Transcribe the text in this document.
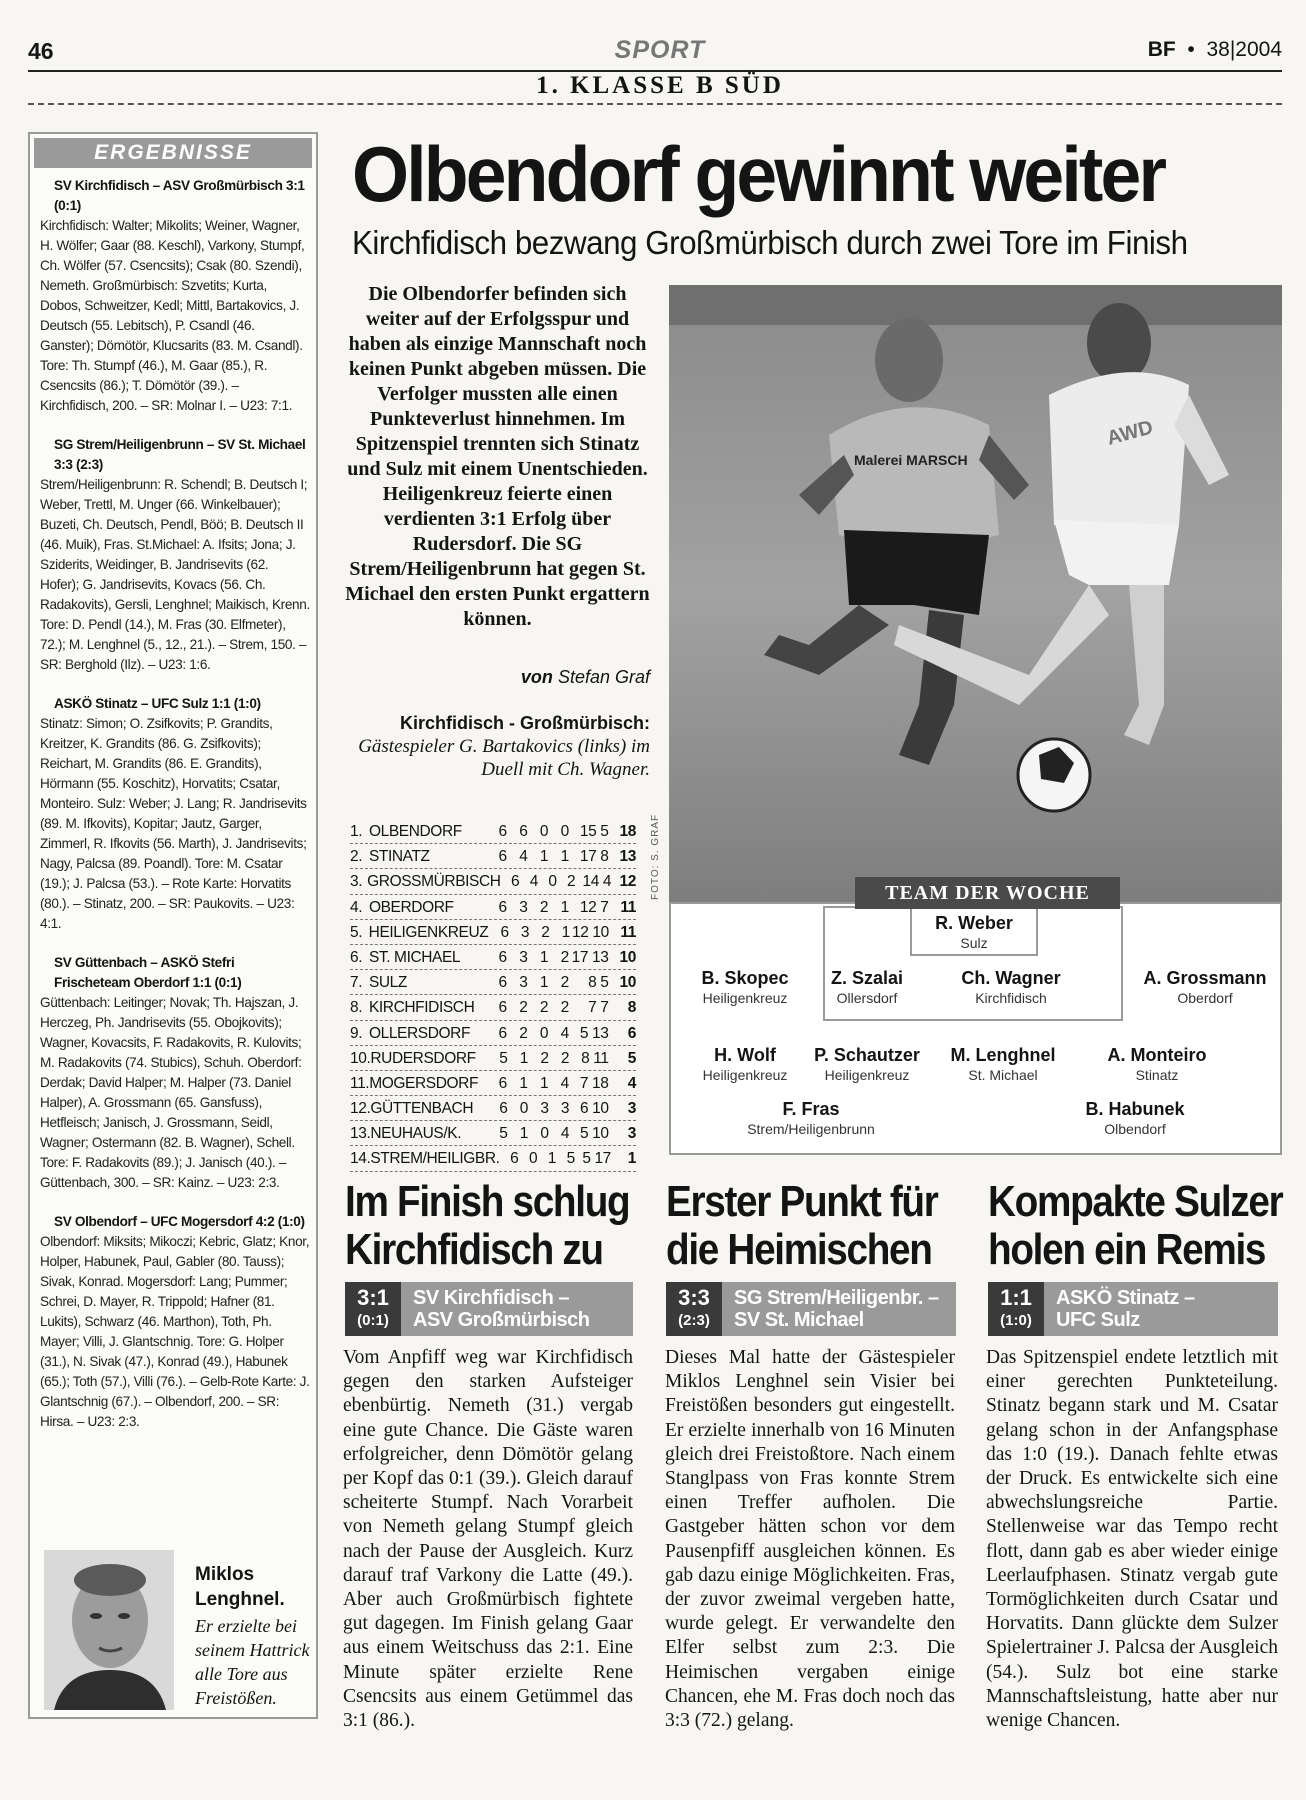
46	SPORT	BF  •  38|2004
1. KLASSE B SÜD
ERGEBNISSE
SV Kirchfidisch – ASV Großmürbisch 3:1 (0:1)
Kirchfidisch: Walter; Mikolits; Weiner, Wagner, H. Wölfer; Gaar (88. Keschl), Varkony, Stumpf, Ch. Wölfer (57. Csencsits); Csak (80. Szendi), Nemeth. Großmürbisch: Szvetits; Kurta, Dobos, Schweitzer, Kedl; Mittl, Bartakovics, J. Deutsch (55. Lebitsch), P. Csandl (46. Ganster); Dömötör, Klucsarits (83. M. Csandl). Tore: Th. Stumpf (46.), M. Gaar (85.), R. Csencsits (86.); T. Dömötör (39.). – Kirchfidisch, 200. – SR: Molnar I. – U23: 7:1.
SG Strem/Heiligenbrunn – SV St. Michael 3:3 (2:3)
Strem/Heiligenbrunn: R. Schendl; B. Deutsch I; Weber, Trettl, M. Unger (66. Winkelbauer); Buzeti, Ch. Deutsch, Pendl, Böö; B. Deutsch II (46. Muik), Fras. St.Michael: A. Ifsits; Jona; J. Sziderits, Weidinger, B. Jandrisevits (62. Hofer); G. Jandrisevits, Kovacs (56. Ch. Radakovits), Gersli, Lenghnel; Maikisch, Krenn. Tore: D. Pendl (14.), M. Fras (30. Elfmeter), 72.); M. Lenghnel (5., 12., 21.). – Strem, 150. –SR: Berghold (Ilz). – U23: 1:6.
ASKÖ Stinatz – UFC Sulz 1:1 (1:0)
Stinatz: Simon; O. Zsifkovits; P. Grandits, Kreitzer, K. Grandits (86. G. Zsifkovits); Reichart, M. Grandits (86. E. Grandits), Hörmann (55. Koschitz), Horvatits; Csatar, Monteiro. Sulz: Weber; J. Lang; R. Jandrisevits (89. M. Ifkovits), Kopitar; Jautz, Garger, Zimmerl, R. Ifkovits (56. Marth), J. Jandrisevits; Nagy, Palcsa (89. Poandl). Tore: M. Csatar (19.); J. Palcsa (53.). – Rote Karte: Horvatits (80.). – Stinatz, 200. – SR: Paukovits. – U23: 4:1.
SV Güttenbach – ASKÖ Stefri Frischeteam Oberdorf 1:1 (0:1)
Güttenbach: Leitinger; Novak; Th. Hajszan, J. Herczeg, Ph. Jandrisevits (55. Obojkovits); Wagner, Kovacsits, F. Radakovits, R. Kulovits; M. Radakovits (74. Stubics), Schuh. Oberdorf: Derdak; David Halper; M. Halper (73. Daniel Halper), A. Grossmann (65. Gansfuss), Hetfleisch; Janisch, J. Grossmann, Seidl, Wagner; Ostermann (82. B. Wagner), Schell. Tore: F. Radakovits (89.); J. Janisch (40.). – Güttenbach, 300. – SR: Kainz. – U23: 2:3.
SV Olbendorf – UFC Mogersdorf 4:2 (1:0)
Olbendorf: Miksits; Mikoczi; Kebric, Glatz; Knor, Holper, Habunek, Paul, Gabler (80. Tauss); Sivak, Konrad. Mogersdorf: Lang; Pummer; Schrei, D. Mayer, R. Trippold; Hafner (81. Lukits), Schwarz (46. Marthon), Toth, Ph. Mayer; Villi, J. Glantschnig. Tore: G. Holper (31.), N. Sivak (47.), Konrad (49.), Habunek (65.); Toth (57.), Villi (76.). – Gelb-Rote Karte: J. Glantschnig (67.). – Olbendorf, 200. – SR: Hirsa. – U23: 2:3.
Miklos
Lenghnel.
Er erzielte bei seinem Hattrick alle Tore aus Freistößen.
Olbendorf gewinnt weiter
Kirchfidisch bezwang Großmürbisch durch zwei Tore im Finish
Die Olbendorfer befinden sich weiter auf der Erfolgsspur und haben als einzige Mannschaft noch keinen Punkt abgeben müssen. Die Verfolger mussten alle einen Punkteverlust hinnehmen. Im Spitzenspiel trennten sich Stinatz und Sulz mit einem Unentschieden. Heiligenkreuz feierte einen verdienten 3:1 Erfolg über Rudersdorf. Die SG Strem/Heiligenbrunn hat gegen St. Michael den ersten Punkt ergattern können.
von Stefan Graf
Kirchfidisch - Großmürbisch:
Gästespieler G. Bartakovics (links) im Duell mit Ch. Wagner.
1. OLBENDORF	6 6 0 0 15 5 18
2. STINATZ	6 4 1 1 17 8 13
3. GROSSMÜRBISCH 6 4 0 2 14 4 12
4. OBERDORF	6 3 2 1 12 7 11
5. HEILIGENKREUZ 6 3 2 1 12 10 11
6. ST. MICHAEL	6 3 1 2 17 13 10
7. SULZ	6 3 1 2	8 5 10
8. KIRCHFIDISCH	6 2 2 2	7 7	8
9. OLLERSDORF	6 2 0 4 5 13	6
10. RUDERSDORF	5 1 2 2 8 11	5
11. MOGERSDORF	6 1 1 4 7 18	4
12. GÜTTENBACH	6 0 3 3 6 10	3
13. NEUHAUS/K.	5 1 0 4 5 10	3
14. STREM/HEILIGBR. 6 0 1 5 5 17	1
FOTO: S. GRAF
Malerei MARSCH
AWD
TEAM DER WOCHE
R. Weber
Sulz
B. Skopec
Heiligenkreuz
Z. Szalai
Ollersdorf
Ch. Wagner
Kirchfidisch
A. Grossmann
Oberdorf
H. Wolf
Heiligenkreuz
P. Schautzer
Heiligenkreuz
M. Lenghnel
St. Michael
A. Monteiro
Stinatz
F. Fras
Strem/Heiligenbrunn
B. Habunek
Olbendorf
Im Finish schlug
Kirchfidisch zu
3:1
(0:1)
SV Kirchfidisch –
ASV Großmürbisch
Vom Anpfiff weg war Kirchfidisch gegen den starken Aufsteiger ebenbürtig. Nemeth (31.) vergab eine gute Chance. Die Gäste waren erfolgreicher, denn Dömötör gelang per Kopf das 0:1 (39.). Gleich darauf scheiterte Stumpf. Nach Vorarbeit von Nemeth gelang Stumpf gleich nach der Pause der Ausgleich. Kurz darauf traf Varkony die Latte (49.). Aber auch Großmürbisch fightete gut dagegen. Im Finish gelang Gaar aus einem Weitschuss das 2:1. Eine Minute später erzielte Rene Csencsits aus einem Getümmel das 3:1 (86.).
Erster Punkt für
die Heimischen
3:3
(2:3)
SG Strem/Heiligenbr. –
SV St. Michael
Dieses Mal hatte der Gästespieler Miklos Lenghnel sein Visier bei Freistößen besonders gut eingestellt. Er erzielte innerhalb von 16 Minuten gleich drei Freistoßtore. Nach einem Stanglpass von Fras konnte Strem einen Treffer aufholen. Die Gastgeber hätten schon vor dem Pausenpfiff ausgleichen können. Es gab dazu einige Möglichkeiten. Fras, der zuvor zweimal vergeben hatte, wurde gelegt. Er verwandelte den Elfer selbst zum 2:3. Die Heimischen vergaben einige Chancen, ehe M. Fras doch noch das 3:3 (72.) gelang.
Kompakte Sulzer
holen ein Remis
1:1
(1:0)
ASKÖ Stinatz –
UFC Sulz
Das Spitzenspiel endete letztlich mit einer gerechten Punkteteilung. Stinatz begann stark und M. Csatar gelang schon in der Anfangsphase das 1:0 (19.). Danach fehlte etwas der Druck. Es entwickelte sich eine abwechslungsreiche Partie. Stellenweise war das Tempo recht flott, dann gab es aber wieder einige Leerlaufphasen. Stinatz vergab gute Tormöglichkeiten durch Csatar und Horvatits. Dann glückte dem Sulzer Spielertrainer J. Palcsa der Ausgleich (54.). Sulz bot eine starke Mannschaftsleistung, hatte aber nur wenige Chancen.
